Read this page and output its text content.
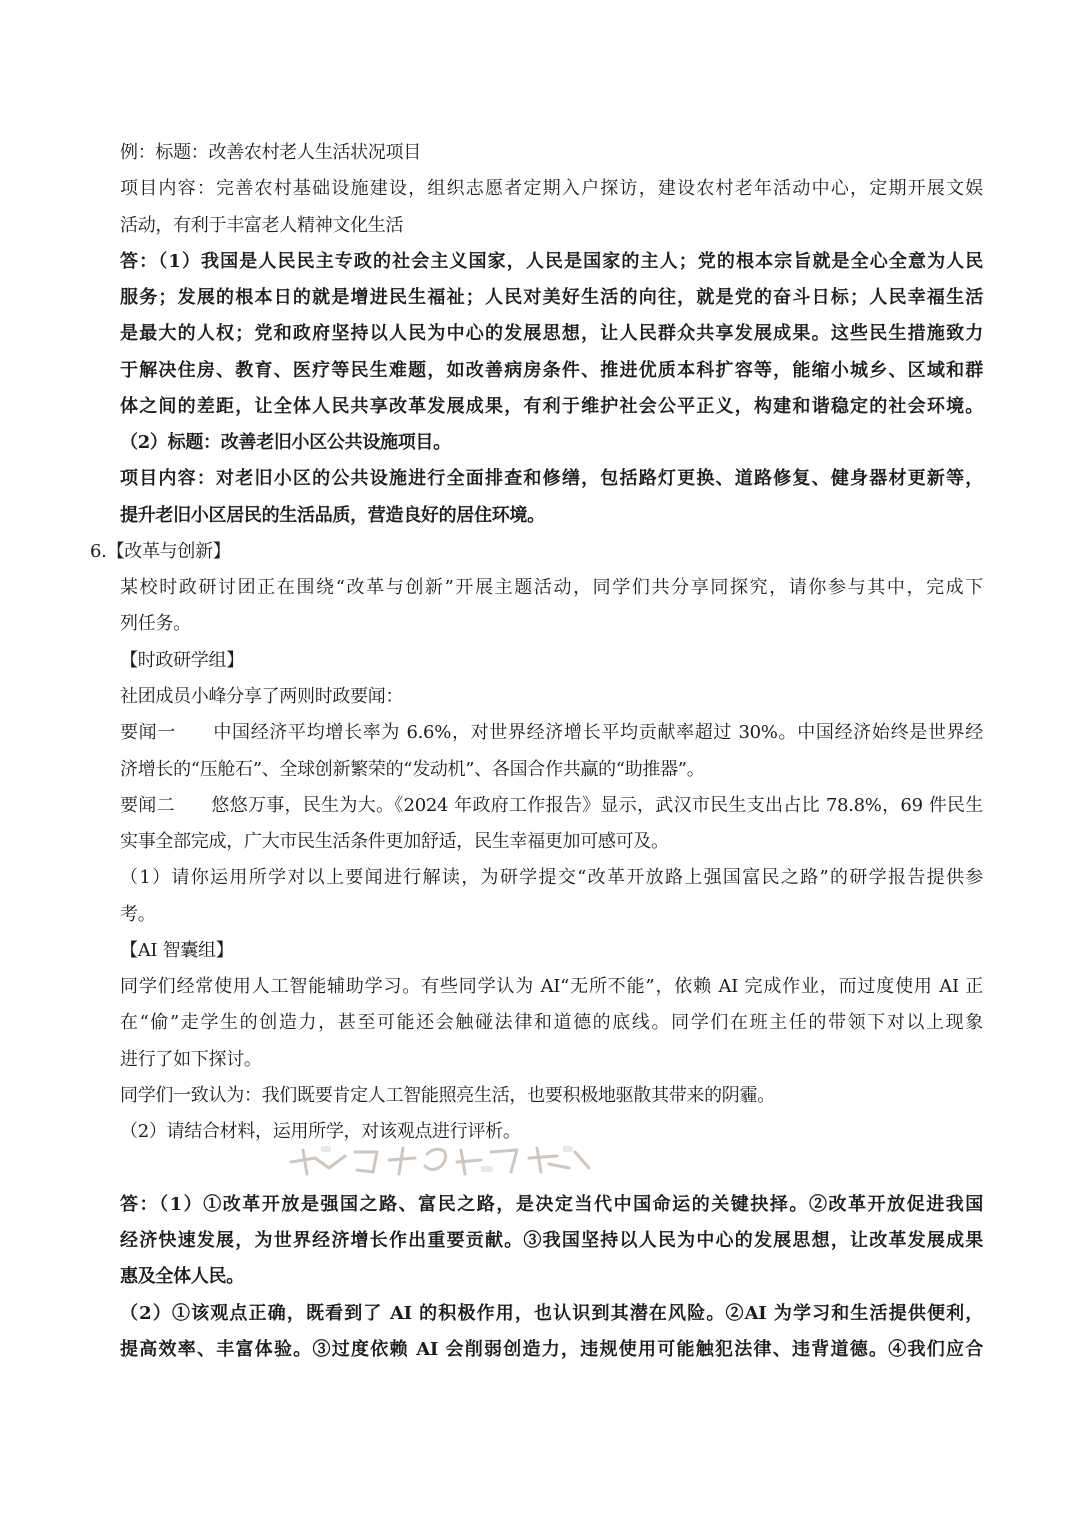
例：标题：改善农村老人生活状况项目
项目内容：完善农村基础设施建设，组织志愿者定期入户探访，建设农村老年活动中心，定期开展文娱
活动，有利于丰富老人精神文化生活
答：（1）我国是人民民主专政的社会主义国家，人民是国家的主人；党的根本宗旨就是全心全意为人民
服务；发展的根本日的就是增进民生福祉；人民对美好生活的向往，就是党的奋斗日标；人民幸福生活
是最大的人权；党和政府坚持以人民为中心的发展思想，让人民群众共享发展成果。这些民生措施致力
于解决住房、教育、医疗等民生难题，如改善病房条件、推进优质本科扩容等，能缩小城乡、区域和群
体之间的差距，让全体人民共享改革发展成果，有利于维护社会公平正义，构建和谐稳定的社会环境。
（2）标题：改善老旧小区公共设施项目。
项目内容：对老旧小区的公共设施进行全面排查和修缮，包括路灯更换、道路修复、健身器材更新等，
提升老旧小区居民的生活品质，营造良好的居住环境。
6.【改革与创新】
某校时政研讨团正在围绕“改革与创新”开展主题活动，同学们共分享同探究，请你参与其中，完成下
列任务。
【时政研学组】
社团成员小峰分享了两则时政要闻：
要闻一　　中国经济平均增长率为 6.6%，对世界经济增长平均贡献率超过 30%。中国经济始终是世界经
济增长的“压舱石”、全球创新繁荣的“发动机”、各国合作共赢的“助推器”。
要闻二　　悠悠万事，民生为大。《2024 年政府工作报告》显示，武汉市民生支出占比 78.8%，69 件民生
实事全部完成，广大市民生活条件更加舒适，民生幸福更加可感可及。
（1）请你运用所学对以上要闻进行解读，为研学提交“改革开放路上强国富民之路”的研学报告提供参
考。
【AI 智囊组】
同学们经常使用人工智能辅助学习。有些同学认为 AI“无所不能”，依赖 AI 完成作业，而过度使用 AI 正
在“偷”走学生的创造力，甚至可能还会触碰法律和道德的底线。同学们在班主任的带领下对以上现象
进行了如下探讨。
同学们一致认为：我们既要肯定人工智能照亮生活，也要积极地驱散其带来的阴霾。
（2）请结合材料，运用所学，对该观点进行评析。
答：（1）①改革开放是强国之路、富民之路，是决定当代中国命运的关键抉择。②改革开放促进我国
经济快速发展，为世界经济增长作出重要贡献。③我国坚持以人民为中心的发展思想，让改革发展成果
惠及全体人民。
（2）①该观点正确，既看到了 AI 的积极作用，也认识到其潜在风险。②AI 为学习和生活提供便利，
提高效率、丰富体验。③过度依赖 AI 会削弱创造力，违规使用可能触犯法律、违背道德。④我们应合
